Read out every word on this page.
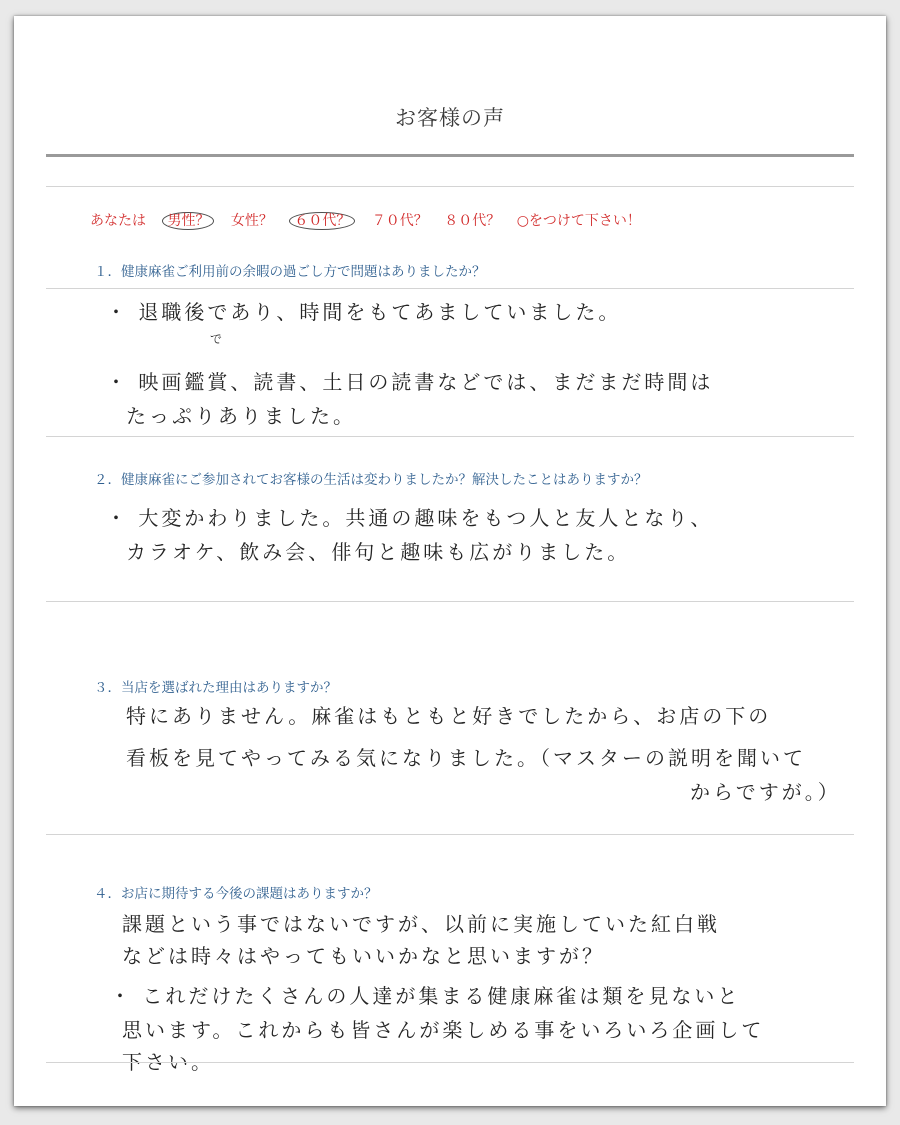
お客様の声
あなたは 男性？ 女性？ ６０代？ ７０代？ ８０代？ ○をつけて下さい！
１．健康麻雀ご利用前の余暇の過ごし方で問題はありましたか？
・ 退職後であり、時間をもてあましていました。
で
・ 映画鑑賞、読書、土日の読書などでは、まだまだ時間は
たっぷりありました。
２．健康麻雀にご参加されてお客様の生活は変わりましたか？解決したことはありますか？
・ 大変かわりました。共通の趣味をもつ人と友人となり、
カラオケ、飲み会、俳句と趣味も広がりました。
３．当店を選ばれた理由はありますか？
特にありません。麻雀はもともと好きでしたから、お店の下の
看板を見てやってみる気になりました。（マスターの説明を聞いて
からですが。）
４．お店に期待する今後の課題はありますか？
課題という事ではないですが、以前に実施していた紅白戦
などは時々はやってもいいかなと思いますが？
・ これだけたくさんの人達が集まる健康麻雀は類を見ないと
思います。これからも皆さんが楽しめる事をいろいろ企画して
下さい。
